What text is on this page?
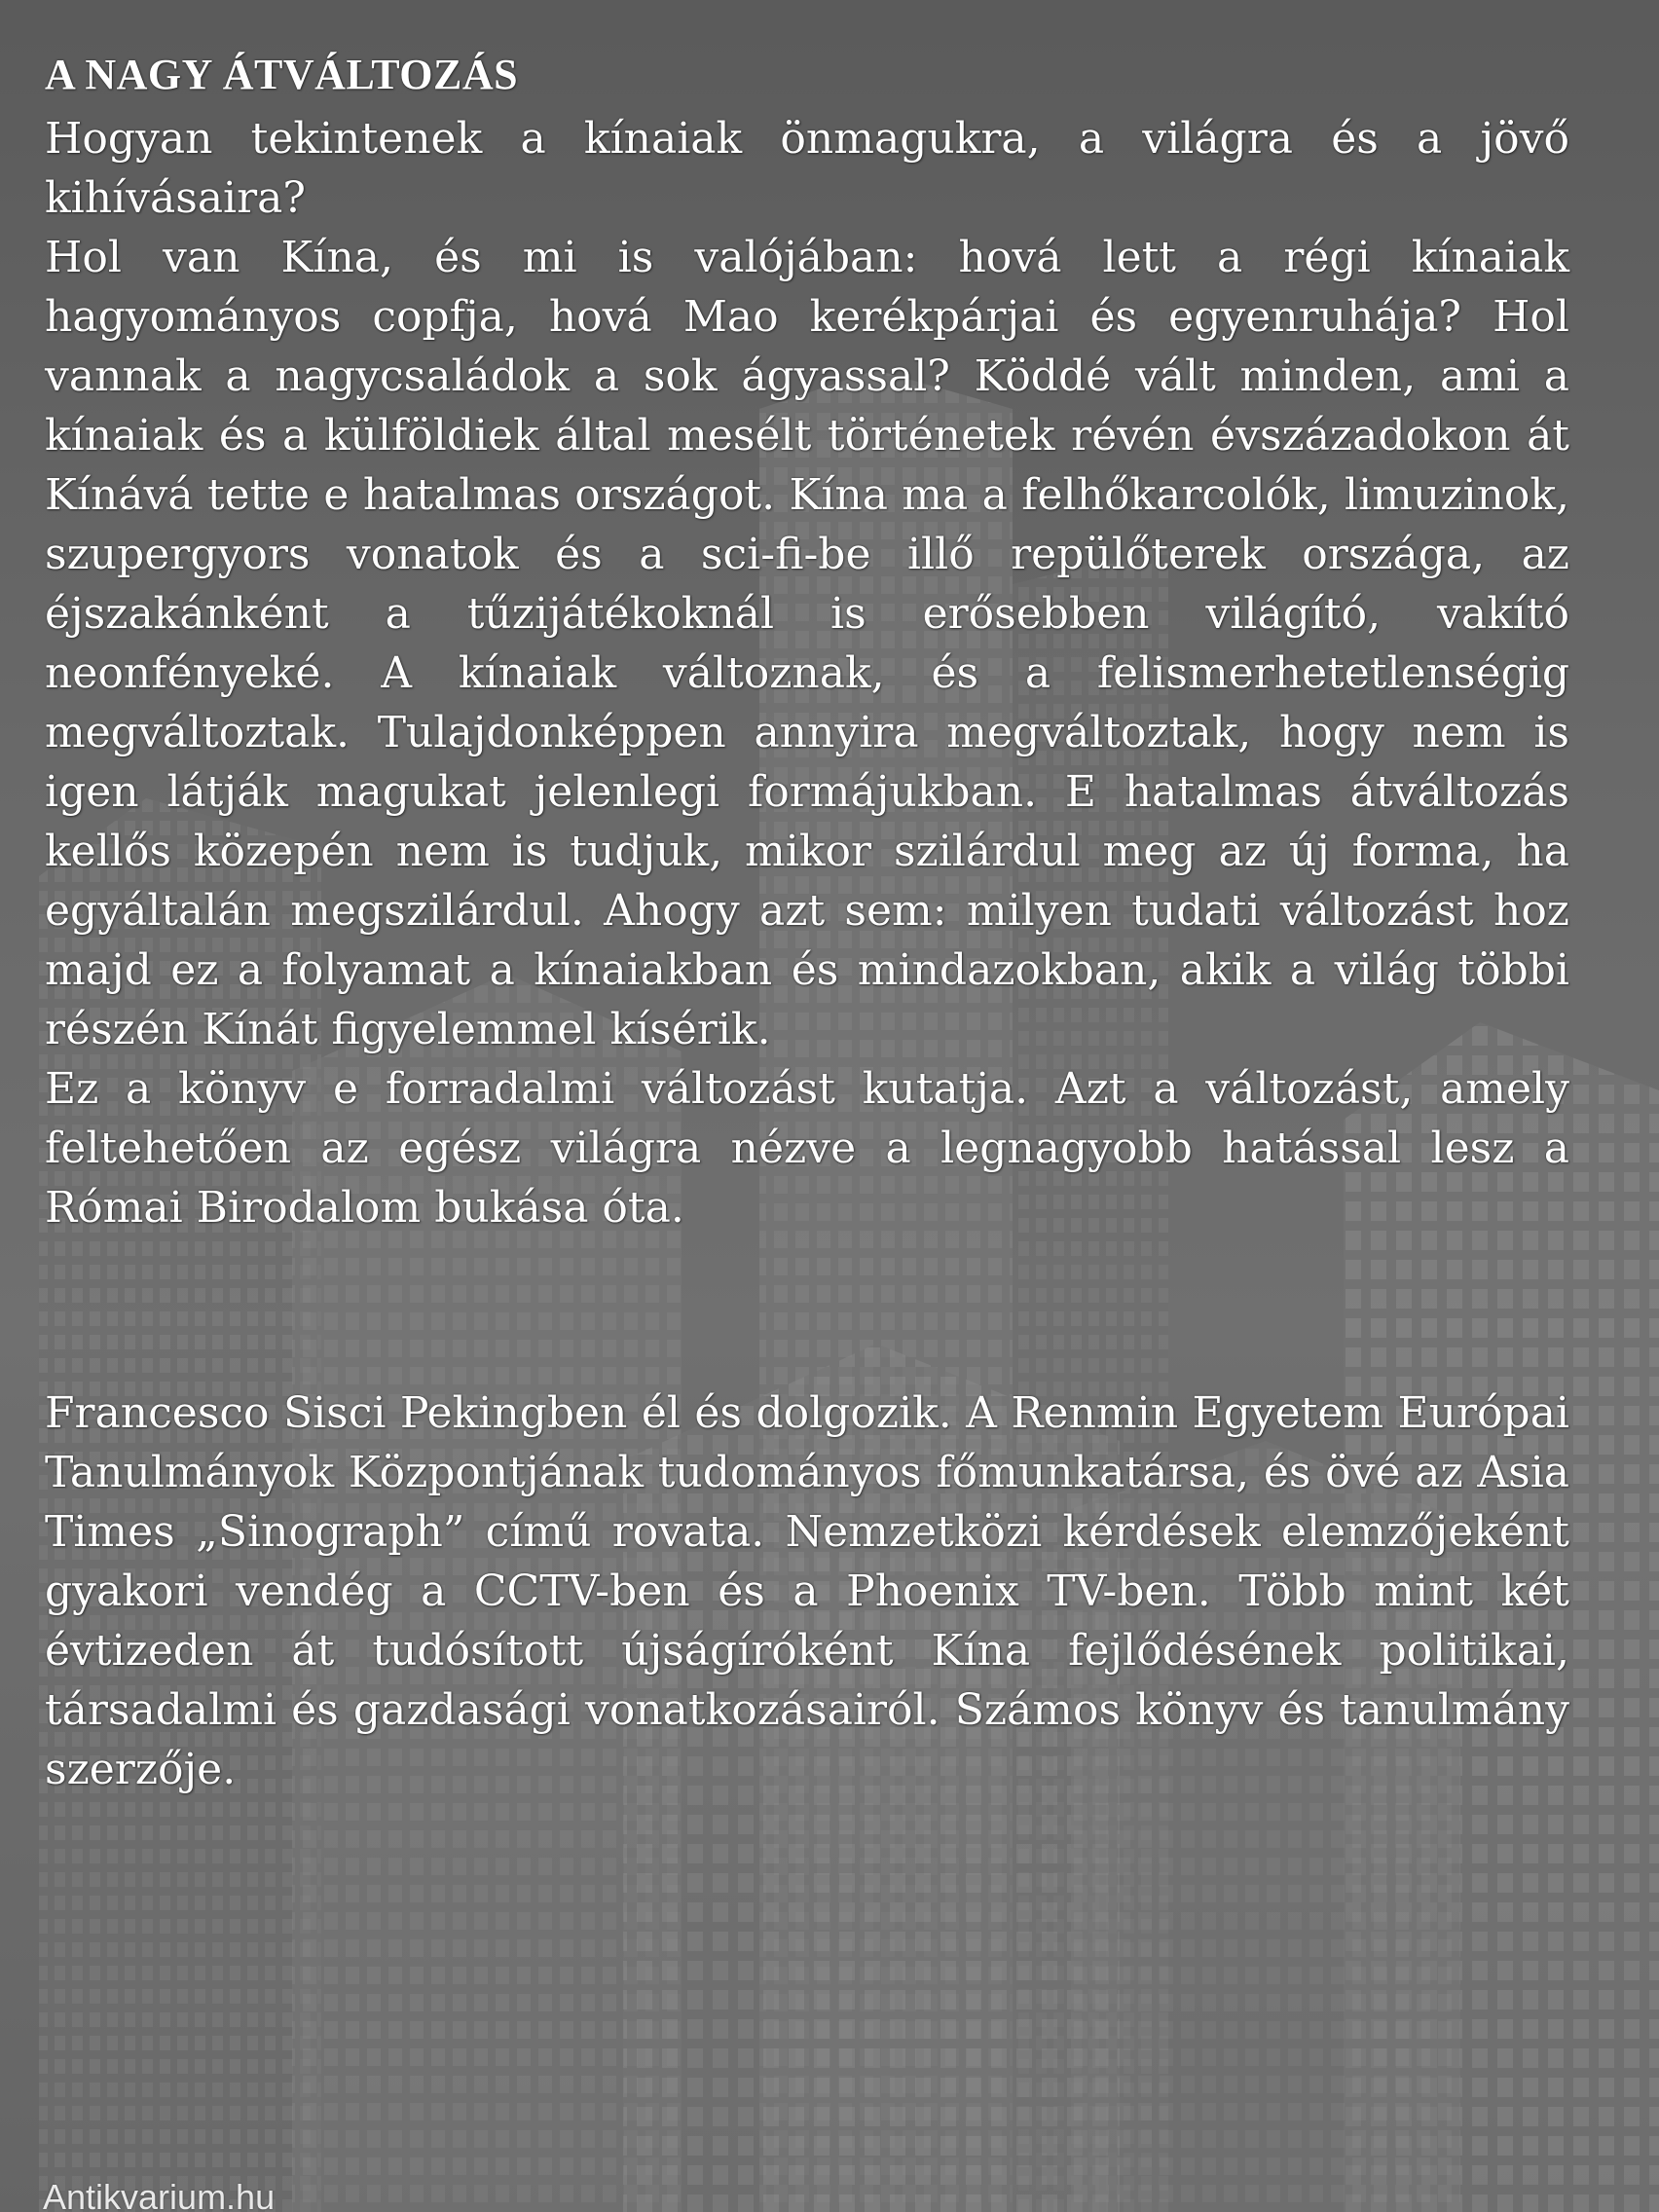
A NAGY ÁTVÁLTOZÁS

Hogyan tekintenek a kínaiak önmagukra, a világra és a jövő kihívásaira?

Hol van Kína, és mi is valójában: hová lett a régi kínaiak hagyományos copfja, hová Mao kerékpárjai és egyenruhája? Hol vannak a nagycsaládok a sok ágyassal? Köddé vált minden, ami a kínaiak és a külföldiek által mesélt történetek révén évszázadokon át Kínává tette e hatalmas országot. Kína ma a felhőkarcolók, limuzinok, szupergyors vonatok és a sci-fi-be illő repülőterek országa, az éjszakánként a tűzijátékoknál is erősebben világító, vakító neonfényeké. A kínaiak változnak, és a felismerhetetlenségig megváltoztak. Tulajdonképpen annyira megváltoztak, hogy nem is igen látják magukat jelenlegi formájukban. E hatalmas átváltozás kellős közepén nem is tudjuk, mikor szilárdul meg az új forma, ha egyáltalán megszilárdul. Ahogy azt sem: milyen tudati változást hoz majd ez a folyamat a kínaiakban és mindazokban, akik a világ többi részén Kínát figyelemmel kísérik.

Ez a könyv e forradalmi változást kutatja. Azt a változást, amely feltehetően az egész világra nézve a legnagyobb hatással lesz a Római Birodalom bukása óta.

Francesco Sisci Pekingben él és dolgozik. A Renmin Egyetem Európai Tanulmányok Központjának tudományos főmunkatársa, és övé az Asia Times „Sinograph” című rovata. Nemzetközi kérdések elemzőjeként gyakori vendég a CCTV-ben és a Phoenix TV-ben. Több mint két évtizeden át tudósított újságíróként Kína fejlődésének politikai, társadalmi és gazdasági vonatkozásairól. Számos könyv és tanulmány szerzője.

Antikvarium.hu
